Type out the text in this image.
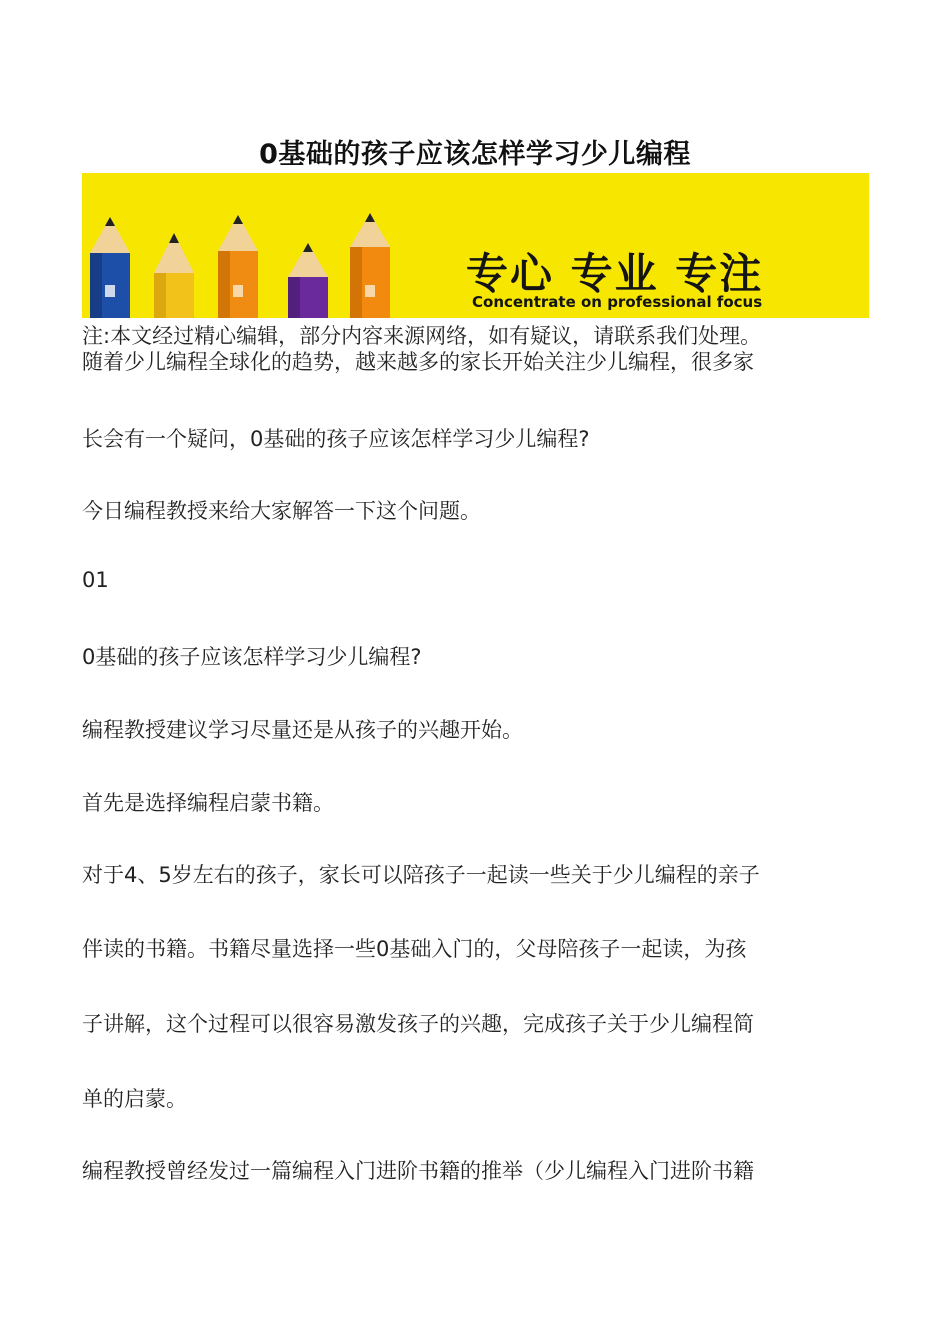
0基础的孩子应该怎样学习少儿编程
专心 专业 专注
Concentrate on professional focus
注:本文经过精心编辑，部分内容来源网络，如有疑议，请联系我们处理。
随着少儿编程全球化的趋势，越来越多的家长开始关注少儿编程，很多家
长会有一个疑问，0基础的孩子应该怎样学习少儿编程?
今日编程教授来给大家解答一下这个问题。
01
0基础的孩子应该怎样学习少儿编程?
编程教授建议学习尽量还是从孩子的兴趣开始。
首先是选择编程启蒙书籍。
对于4、5岁左右的孩子，家长可以陪孩子一起读一些关于少儿编程的亲子
伴读的书籍。书籍尽量选择一些0基础入门的，父母陪孩子一起读，为孩
子讲解，这个过程可以很容易激发孩子的兴趣，完成孩子关于少儿编程简
单的启蒙。
编程教授曾经发过一篇编程入门进阶书籍的推举（少儿编程入门进阶书籍
